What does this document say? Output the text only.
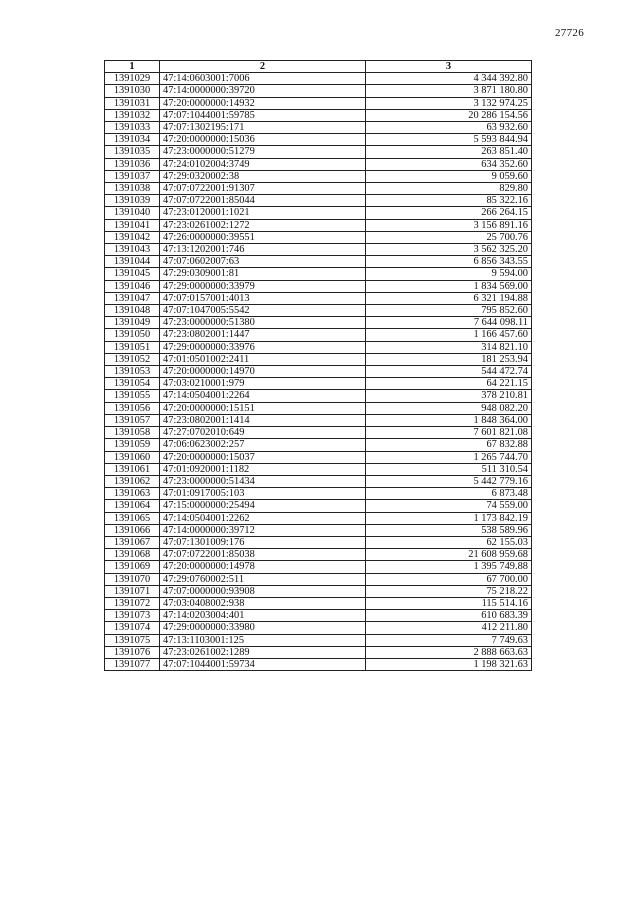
27726
1	2	3
1391029	47:14:0603001:7006	4 344 392.80
1391030	47:14:0000000:39720	3 871 180.80
1391031	47:20:0000000:14932	3 132 974.25
1391032	47:07:1044001:59785	20 286 154.56
1391033	47:07:1302195:171	63 932.60
1391034	47:20:0000000:15036	5 593 844.94
1391035	47:23:0000000:51279	263 851.40
1391036	47:24:0102004:3749	634 352.60
1391037	47:29:0320002:38	9 059.60
1391038	47:07:0722001:91307	829.80
1391039	47:07:0722001:85044	85 322.16
1391040	47:23:0120001:1021	266 264.15
1391041	47:23:0261002:1272	3 156 891.16
1391042	47:26:0000000:39551	25 700.76
1391043	47:13:1202001:746	3 562 325.20
1391044	47:07:0602007:63	6 856 343.55
1391045	47:29:0309001:81	9 594.00
1391046	47:29:0000000:33979	1 834 569.00
1391047	47:07:0157001:4013	6 321 194.88
1391048	47:07:1047005:5542	795 852.60
1391049	47:23:0000000:51380	7 644 098.11
1391050	47:23:0802001:1447	1 166 457.60
1391051	47:29:0000000:33976	314 821.10
1391052	47:01:0501002:2411	181 253.94
1391053	47:20:0000000:14970	544 472.74
1391054	47:03:0210001:979	64 221.15
1391055	47:14:0504001:2264	378 210.81
1391056	47:20:0000000:15151	948 082.20
1391057	47:23:0802001:1414	1 848 364.00
1391058	47:27:0702010:649	7 601 821.08
1391059	47:06:0623002:257	67 832.88
1391060	47:20:0000000:15037	1 265 744.70
1391061	47:01:0920001:1182	511 310.54
1391062	47:23:0000000:51434	5 442 779.16
1391063	47:01:0917005:103	6 873.48
1391064	47:15:0000000:25494	74 559.00
1391065	47:14:0504001:2262	1 173 842.19
1391066	47:14:0000000:39712	538 589.96
1391067	47:07:1301009:176	62 155.03
1391068	47:07:0722001:85038	21 608 959.68
1391069	47:20:0000000:14978	1 395 749.88
1391070	47:29:0760002:511	67 700.00
1391071	47:07:0000000:93908	75 218.22
1391072	47:03:0408002:938	115 514.16
1391073	47:14:0203004:401	610 683.39
1391074	47:29:0000000:33980	412 211.80
1391075	47:13:1103001:125	7 749.63
1391076	47:23:0261002:1289	2 888 663.63
1391077	47:07:1044001:59734	1 198 321.63
